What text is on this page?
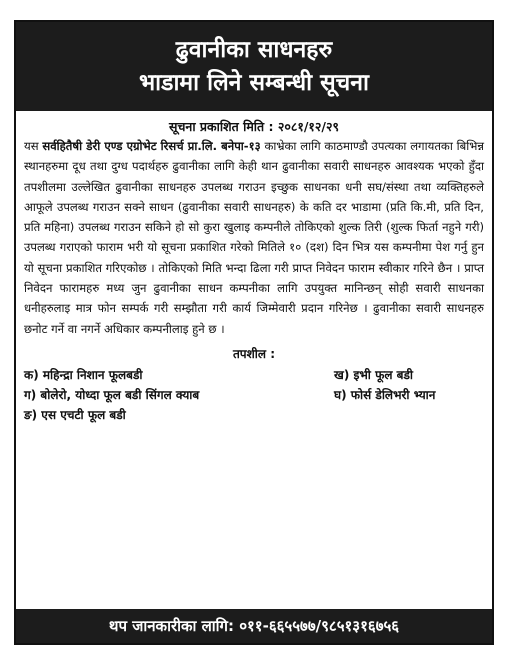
ढुवानीका साधनहरु
भाडामा लिने सम्बन्धी सूचना
सूचना प्रकाशित मिति : २०८१/१२/२९
यस सर्वहितैषी डेरी एण्ड एग्रोभेट रिसर्च प्रा.लि. बनेपा-१३ काभ्रेका लागि काठमाण्डौ उपत्यका लगायतका बिभिन्न स्थानहरुमा दूध तथा दुग्ध पदार्थहरु ढुवानीका लागि केही थान ढुवानीका सवारी साधनहरु आवश्यक भएको हुँदा तपशीलमा उल्लेखित ढुवानीका साधनहरु उपलब्ध गराउन इच्छुक साधनका धनी सघ/संस्था तथा व्यक्तिहरुले आफूले उपलब्ध गराउन सक्ने साधन (ढुवानीका सवारी साधनहरु) के कति दर भाडामा (प्रति कि.मी, प्रति दिन, प्रति महिना) उपलब्ध गराउन सकिने हो सो कुरा खुलाइ कम्पनीले तोकिएको शुल्क तिरी (शुल्क फिर्ता नहुने गरी) उपलब्ध गराएको फाराम भरी यो सूचना प्रकाशित गरेको मितिले १० (दश) दिन भित्र यस कम्पनीमा पेश गर्नु हुन यो सूचना प्रकाशित गरिएकोछ । तोकिएको मिति भन्दा ढिला गरी प्राप्त निवेदन फाराम स्वीकार गरिने छैन । प्राप्त निवेदन फारामहरु मध्य जुन ढुवानीका साधन कम्पनीका लागि उपयुक्त मानिन्छन् सोही सवारी साधनका धनीहरुलाइ मात्र फोन सम्पर्क गरी सम्झौता गरी कार्य जिम्मेवारी प्रदान गरिनेछ । ढुवानीका सवारी साधनहरु छनोट गर्ने वा नगर्ने अधिकार कम्पनीलाइ हुने छ ।
तपशील :
क) महिन्द्रा निशान फूलबडी	ख) इभी फूल बडी
ग) बोलेरो, योध्दा फूल बडी सिंगल क्याब	घ) फोर्स डेलिभरी भ्यान
ङ) एस एचटी फूल बडी
थप जानकारीका लागि: ०११-६६५५७७/९८५१३१६७५६
